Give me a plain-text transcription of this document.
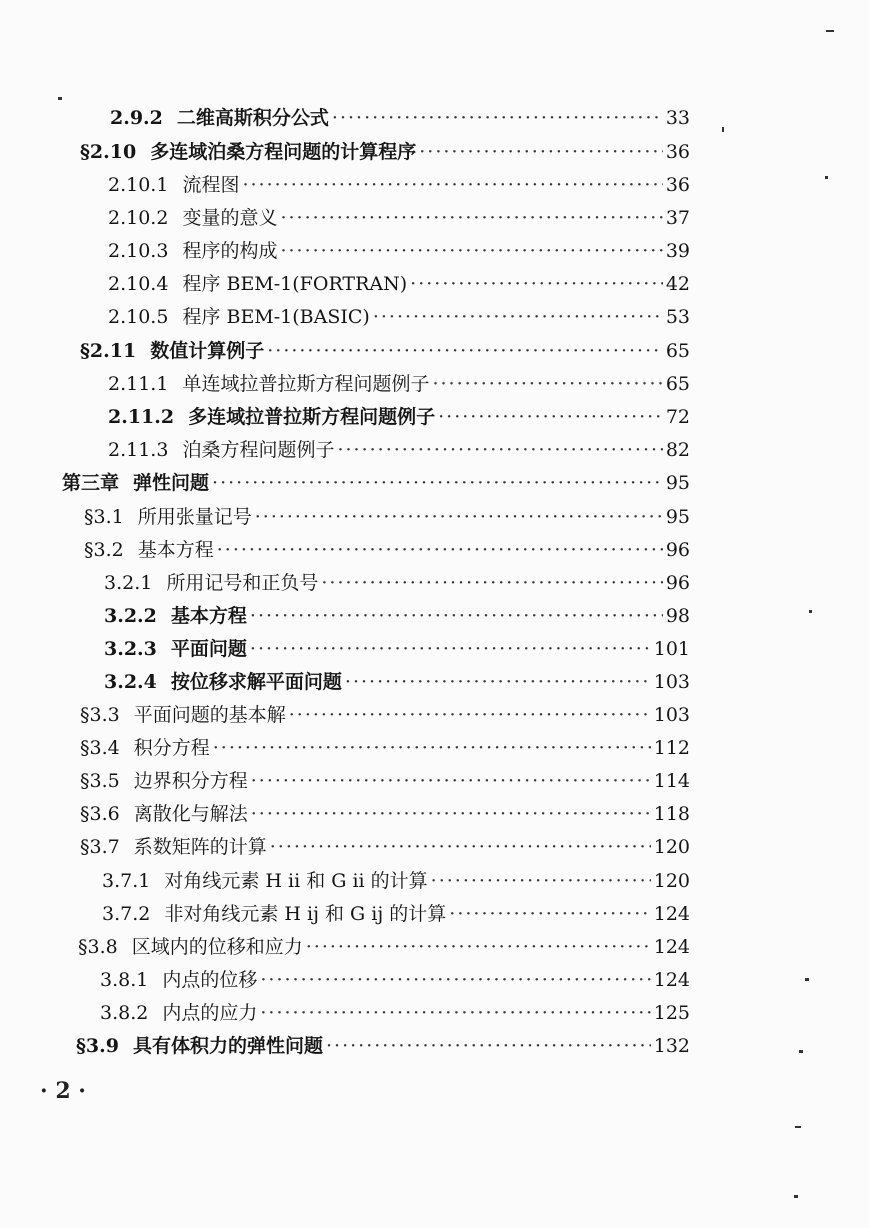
2.9.2 二维高斯积分公式 ·····	33
§2.10 多连域泊桑方程问题的计算程序 ·····	36
2.10.1 流程图 ·····	36
2.10.2 变量的意义 ·····	37
2.10.3 程序的构成 ·····	39
2.10.4 程序 BEM-1(FORTRAN) ·····	42
2.10.5 程序 BEM-1(BASIC) ·····	53
§2.11 数值计算例子 ·····	65
2.11.1 单连域拉普拉斯方程问题例子 ·····	65
2.11.2 多连域拉普拉斯方程问题例子 ·····	72
2.11.3 泊桑方程问题例子 ·····	82
第三章 弹性问题 ·····	95
§3.1 所用张量记号 ·····	95
§3.2 基本方程 ·····	96
3.2.1 所用记号和正负号 ·····	96
3.2.2 基本方程 ·····	98
3.2.3 平面问题 ·····	101
3.2.4 按位移求解平面问题 ·····	103
§3.3 平面问题的基本解 ·····	103
§3.4 积分方程 ·····	112
§3.5 边界积分方程 ·····	114
§3.6 离散化与解法 ·····	118
§3.7 系数矩阵的计算 ·····	120
3.7.1 对角线元素 H ii 和 G ii 的计算 ·····	120
3.7.2 非对角线元素 H ij 和 G ij 的计算 ·····	124
§3.8 区域内的位移和应力 ·····	124
3.8.1 内点的位移 ·····	124
3.8.2 内点的应力 ·····	125
§3.9 具有体积力的弹性问题 ·····	132
· 2 ·
